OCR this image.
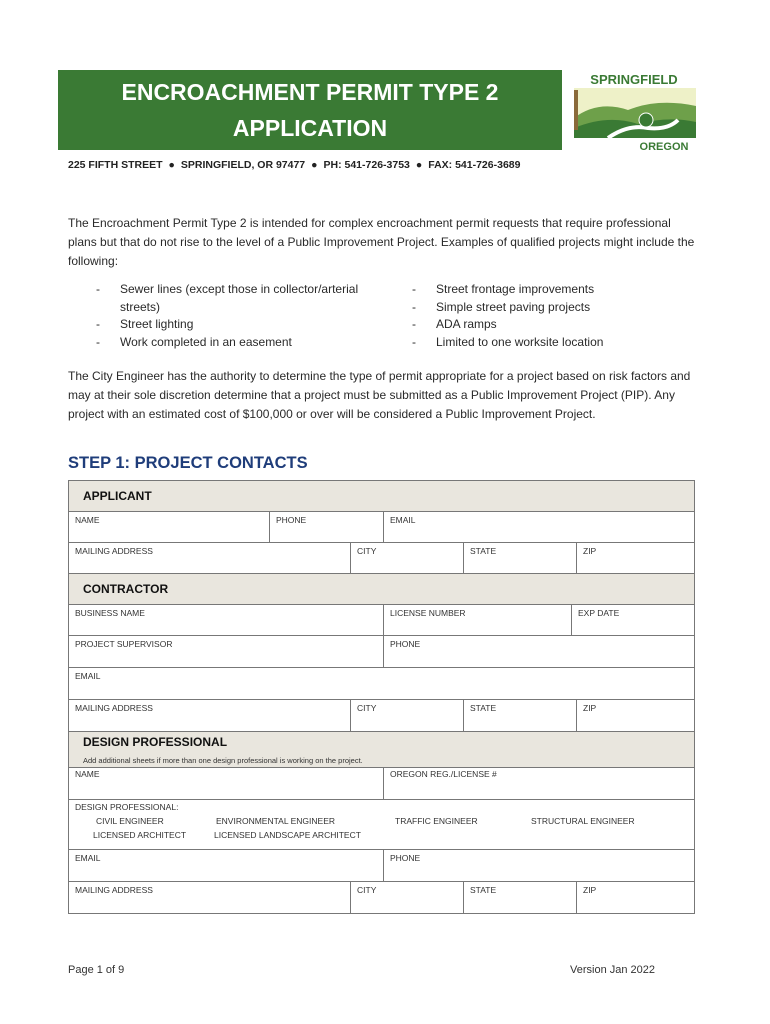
ENCROACHMENT PERMIT TYPE 2
APPLICATION
SPRINGFIELD
OREGON
225 FIFTH STREET ● SPRINGFIELD, OR 97477 ● PH: 541-726-3753 ● FAX: 541-726-3689
The Encroachment Permit Type 2 is intended for complex encroachment permit requests that require professional plans but that do not rise to the level of a Public Improvement Project. Examples of qualified projects might include the following:
-	Sewer lines (except those in collector/arterial streets)
-	Street lighting
-	Work completed in an easement
-	Street frontage improvements
-	Simple street paving projects
-	ADA ramps
-	Limited to one worksite location
The City Engineer has the authority to determine the type of permit appropriate for a project based on risk factors and may at their sole discretion determine that a project must be submitted as a Public Improvement Project (PIP). Any project with an estimated cost of $100,000 or over will be considered a Public Improvement Project.
STEP 1: PROJECT CONTACTS
APPLICANT
NAME	PHONE	EMAIL
MAILING ADDRESS	CITY	STATE	ZIP
CONTRACTOR
BUSINESS NAME	LICENSE NUMBER	EXP DATE
PROJECT SUPERVISOR	PHONE
EMAIL
MAILING ADDRESS	CITY	STATE	ZIP
DESIGN PROFESSIONAL
Add additional sheets if more than one design professional is working on the project.
NAME	OREGON REG./LICENSE #
DESIGN PROFESSIONAL:
CIVIL ENGINEER	ENVIRONMENTAL ENGINEER	TRAFFIC ENGINEER	STRUCTURAL ENGINEER
LICENSED ARCHITECT	LICENSED LANDSCAPE ARCHITECT
EMAIL	PHONE
MAILING ADDRESS	CITY	STATE	ZIP
Page 1 of 9	Version Jan 2022
